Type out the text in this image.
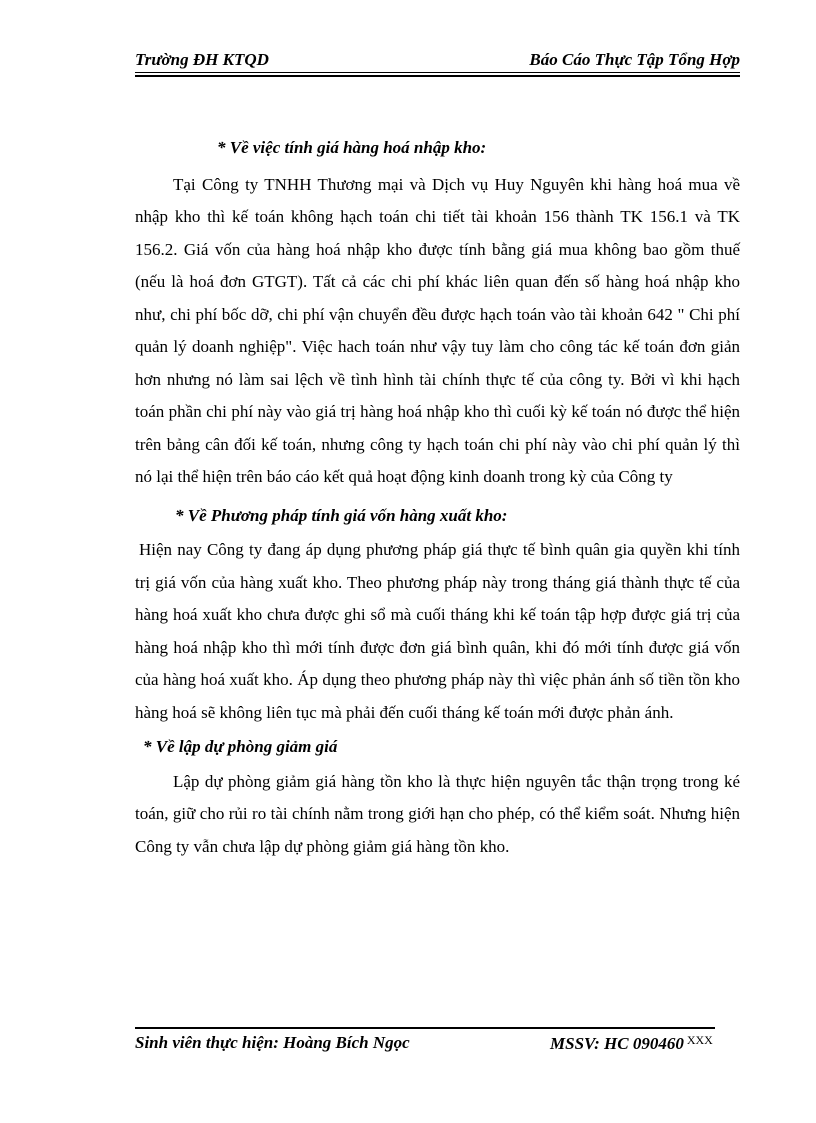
Trường ĐH KTQD	Báo Cáo Thực Tập Tổng Hợp

* Về việc tính giá hàng hoá nhập kho:

Tại Công ty TNHH Thương mại và Dịch vụ Huy Nguyên khi hàng hoá mua về nhập kho thì kế toán không hạch toán chi tiết tài khoản 156 thành TK 156.1 và TK 156.2. Giá vốn của hàng hoá nhập kho được tính bằng giá mua không bao gồm thuế (nếu là hoá đơn GTGT). Tất cả các chi phí khác liên quan đến số hàng hoá nhập kho như, chi phí bốc dỡ, chi phí vận chuyển đều được hạch toán vào tài khoản 642 " Chi phí quản lý doanh nghiệp". Việc hach toán như vậy tuy làm cho công tác kế toán đơn giản hơn nhưng nó làm sai lệch về tình hình tài chính thực tế của công ty. Bởi vì khi hạch toán phần chi phí này vào giá trị hàng hoá nhập kho thì cuối kỳ kế toán nó được thể hiện trên bảng cân đối kế toán, nhưng công ty hạch toán chi phí này vào chi phí quản lý thì nó lại thể hiện trên báo cáo kết quả hoạt động kinh doanh trong kỳ của Công ty

* Về Phương pháp tính giá vốn hàng xuất kho:

Hiện nay Công ty đang áp dụng phương pháp giá thực tế bình quân gia quyền khi tính trị giá vốn của hàng xuất kho. Theo phương pháp này trong tháng giá thành thực tế của hàng hoá xuất kho chưa được ghi sổ mà cuối tháng khi kế toán tập hợp được giá trị của hàng hoá nhập kho thì mới tính được đơn giá bình quân, khi đó mới tính được giá vốn của hàng hoá xuất kho. Áp dụng theo phương pháp này thì việc phản ánh số tiền tồn kho hàng hoá sẽ không liên tục mà phải đến cuối tháng kế toán mới được phản ánh.

* Về lập dự phòng giảm giá

Lập dự phòng giảm giá hàng tồn kho là thực hiện nguyên tắc thận trọng trong ké toán, giữ cho rủi ro tài chính nằm trong giới hạn cho phép, có thể kiểm soát. Nhưng hiện Công ty vẫn chưa lập dự phòng giảm giá hàng tồn kho.

Sinh viên thực hiện: Hoàng Bích Ngọc	MSSV: HC 090460 $^{XXX}$
